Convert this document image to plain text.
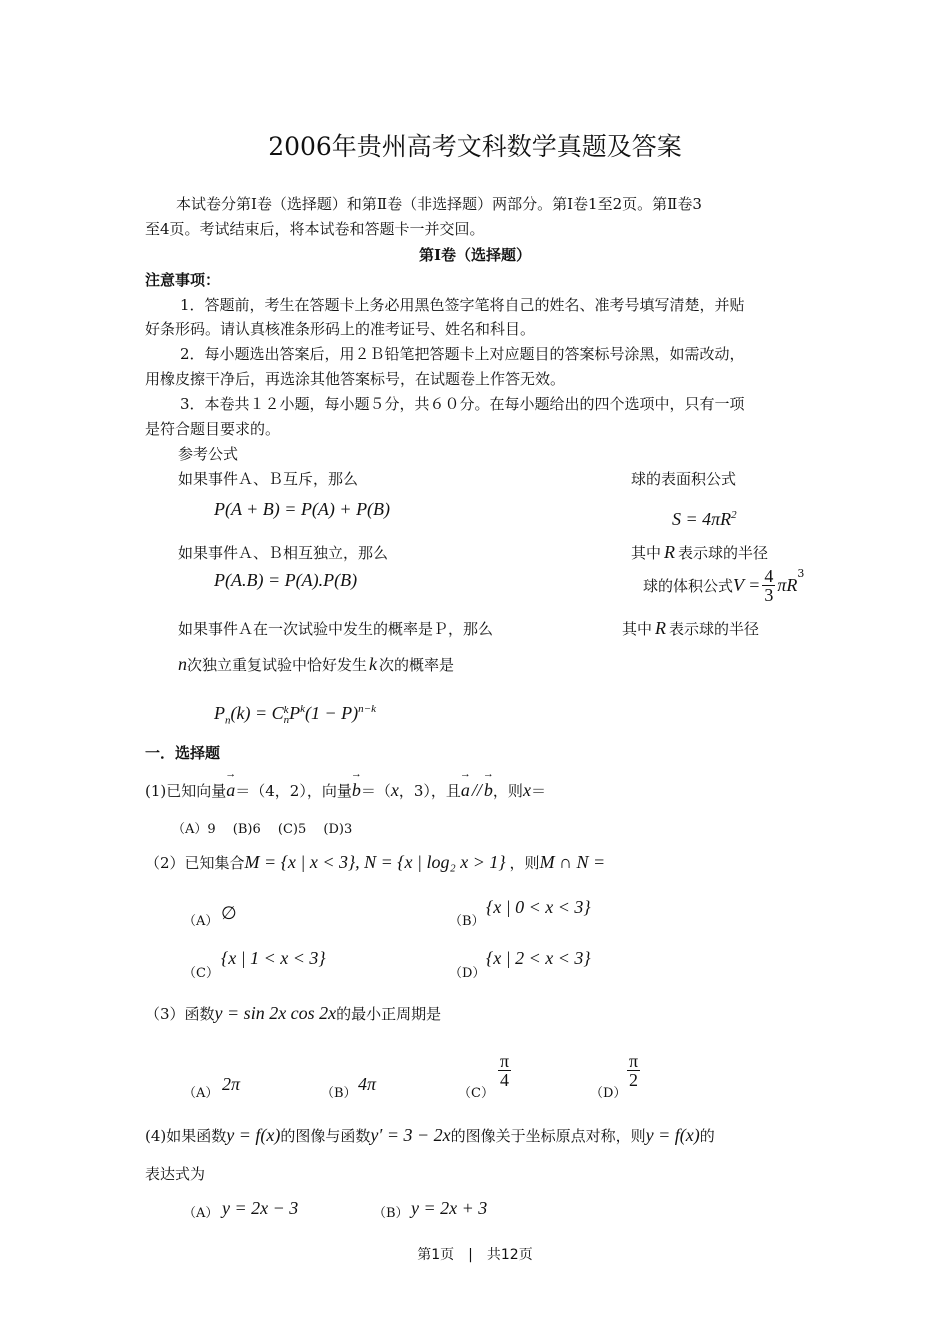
2006年贵州高考文科数学真题及答案
本试卷分第Ⅰ卷（选择题）和第Ⅱ卷（非选择题）两部分。第Ⅰ卷1至2页。第Ⅱ卷3
至4页。考试结束后，将本试卷和答题卡一并交回。
第Ⅰ卷（选择题）
注意事项：
1．答题前，考生在答题卡上务必用黑色签字笔将自己的姓名、准考号填写清楚，并贴
好条形码。请认真核准条形码上的准考证号、姓名和科目。
2．每小题选出答案后，用２Ｂ铅笔把答题卡上对应题目的答案标号涂黑，如需改动，
用橡皮擦干净后，再选涂其他答案标号，在试题卷上作答无效。
3．本卷共１２小题，每小题５分，共６０分。在每小题给出的四个选项中，只有一项
是符合题目要求的。
参考公式
如果事件Ａ、Ｂ互斥，那么	球的表面积公式
P(A + B) = P(A) + P(B)	$S = 4\pi R^2$
如果事件Ａ、Ｂ相互独立，那么	其中 R 表示球的半径
P(A.B) = P(A).P(B)	球的体积公式$V = \frac{4}{3} \pi R^3$
如果事件Ａ在一次试验中发生的概率是Ｐ，那么	其中 R 表示球的半径
n次独立重复试验中恰好发生 k 次的概率是
$P_n(k) = C$ k
n $P^k(1 - P)^{n-k}$
一．选择题
(1)已知向量→ a＝（4，2），向量→ b＝（x，3），且→ a //→ b，则x＝
（A）9　 (B)6　 (C)5　 (D)3
（2）已知集合M = {x | x < 3}, N = {x | log₂ x > 1} ，则M ∩ N =
（A） ∅	（B）
{x | 0 < x < 3}
（C）
{x | 1 < x < 3}
（D）
{x | 2 < x < 3}
（3）函数y = sin 2x cos 2x的最小正周期是
（A） 2π	（B） 4π	（C）
$\frac{\pi}{4}$
（D）
$\frac{\pi}{2}$
(4)如果函数y = f(x)的图像与函数y′ = 3 − 2x的图像关于坐标原点对称，则y = f(x)的
表达式为
（A） y = 2x − 3	（B） y = 2x + 3
第1页　|　共12页
